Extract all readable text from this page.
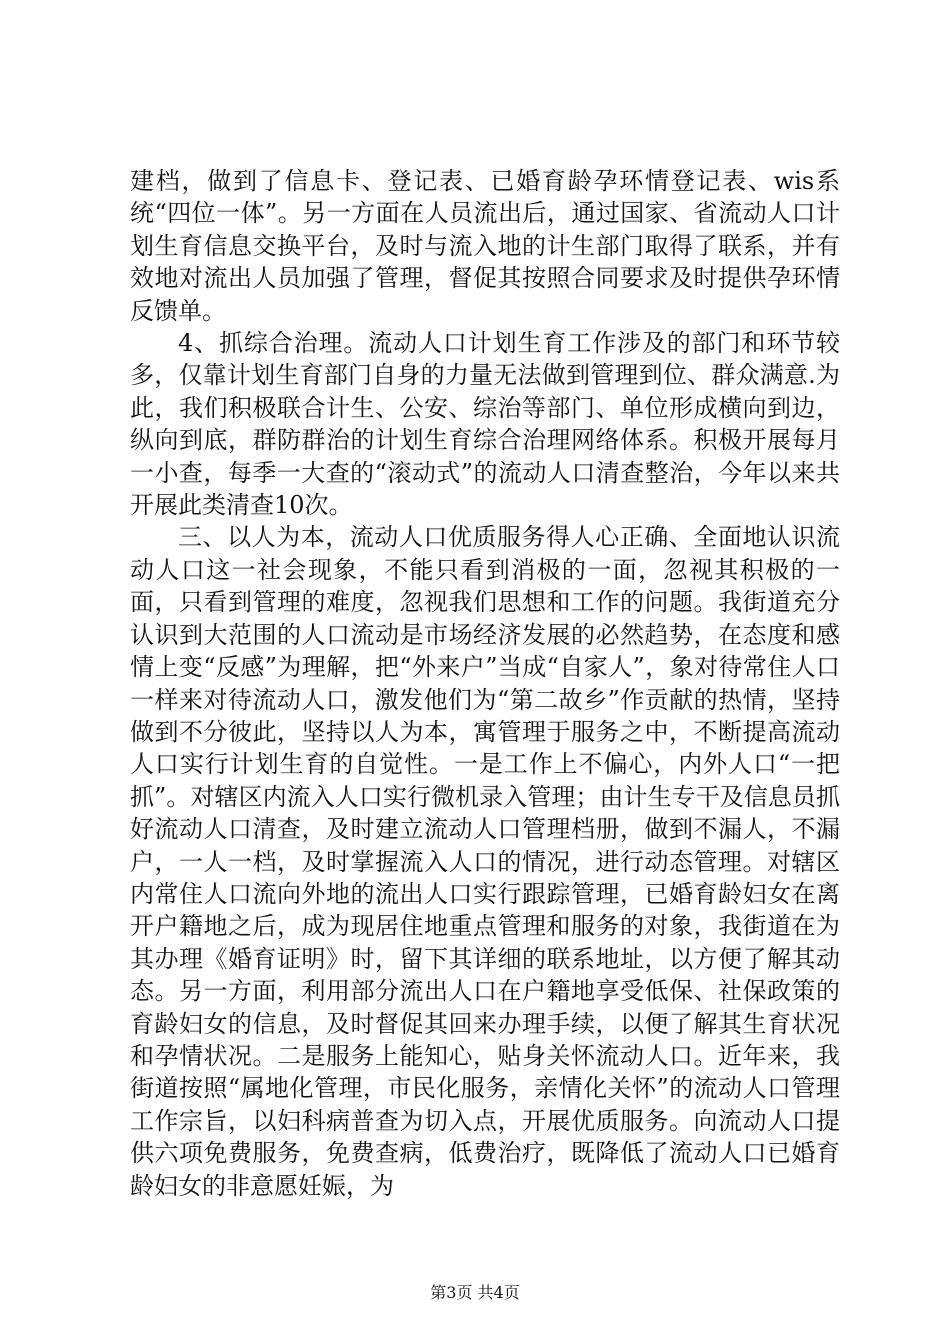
建档，做到了信息卡、登记表、已婚育龄孕环情登记表、wis系统“四位一体”。另一方面在人员流出后，通过国家、省流动人口计划生育信息交换平台，及时与流入地的计生部门取得了联系，并有效地对流出人员加强了管理，督促其按照合同要求及时提供孕环情反馈单。

4、抓综合治理。流动人口计划生育工作涉及的部门和环节较多，仅靠计划生育部门自身的力量无法做到管理到位、群众满意.为此，我们积极联合计生、公安、综治等部门、单位形成横向到边，纵向到底，群防群治的计划生育综合治理网络体系。积极开展每月一小查，每季一大查的“滚动式”的流动人口清查整治，今年以来共开展此类清查10次。

三、以人为本，流动人口优质服务得人心正确、全面地认识流动人口这一社会现象，不能只看到消极的一面，忽视其积极的一面，只看到管理的难度，忽视我们思想和工作的问题。我街道充分认识到大范围的人口流动是市场经济发展的必然趋势，在态度和感情上变“反感”为理解，把“外来户”当成“自家人”，象对待常住人口一样来对待流动人口，激发他们为“第二故乡”作贡献的热情，坚持做到不分彼此，坚持以人为本，寓管理于服务之中，不断提高流动人口实行计划生育的自觉性。一是工作上不偏心，内外人口“一把抓”。对辖区内流入人口实行微机录入管理；由计生专干及信息员抓好流动人口清查，及时建立流动人口管理档册，做到不漏人，不漏户，一人一档，及时掌握流入人口的情况，进行动态管理。对辖区内常住人口流向外地的流出人口实行跟踪管理，已婚育龄妇女在离开户籍地之后，成为现居住地重点管理和服务的对象，我街道在为其办理《婚育证明》时，留下其详细的联系地址，以方便了解其动态。另一方面，利用部分流出人口在户籍地享受低保、社保政策的育龄妇女的信息，及时督促其回来办理手续，以便了解其生育状况和孕情状况。二是服务上能知心，贴身关怀流动人口。近年来，我街道按照“属地化管理，市民化服务，亲情化关怀”的流动人口管理工作宗旨，以妇科病普查为切入点，开展优质服务。向流动人口提供六项免费服务，免费查病，低费治疗，既降低了流动人口已婚育龄妇女的非意愿妊娠，为

第3页 共4页
